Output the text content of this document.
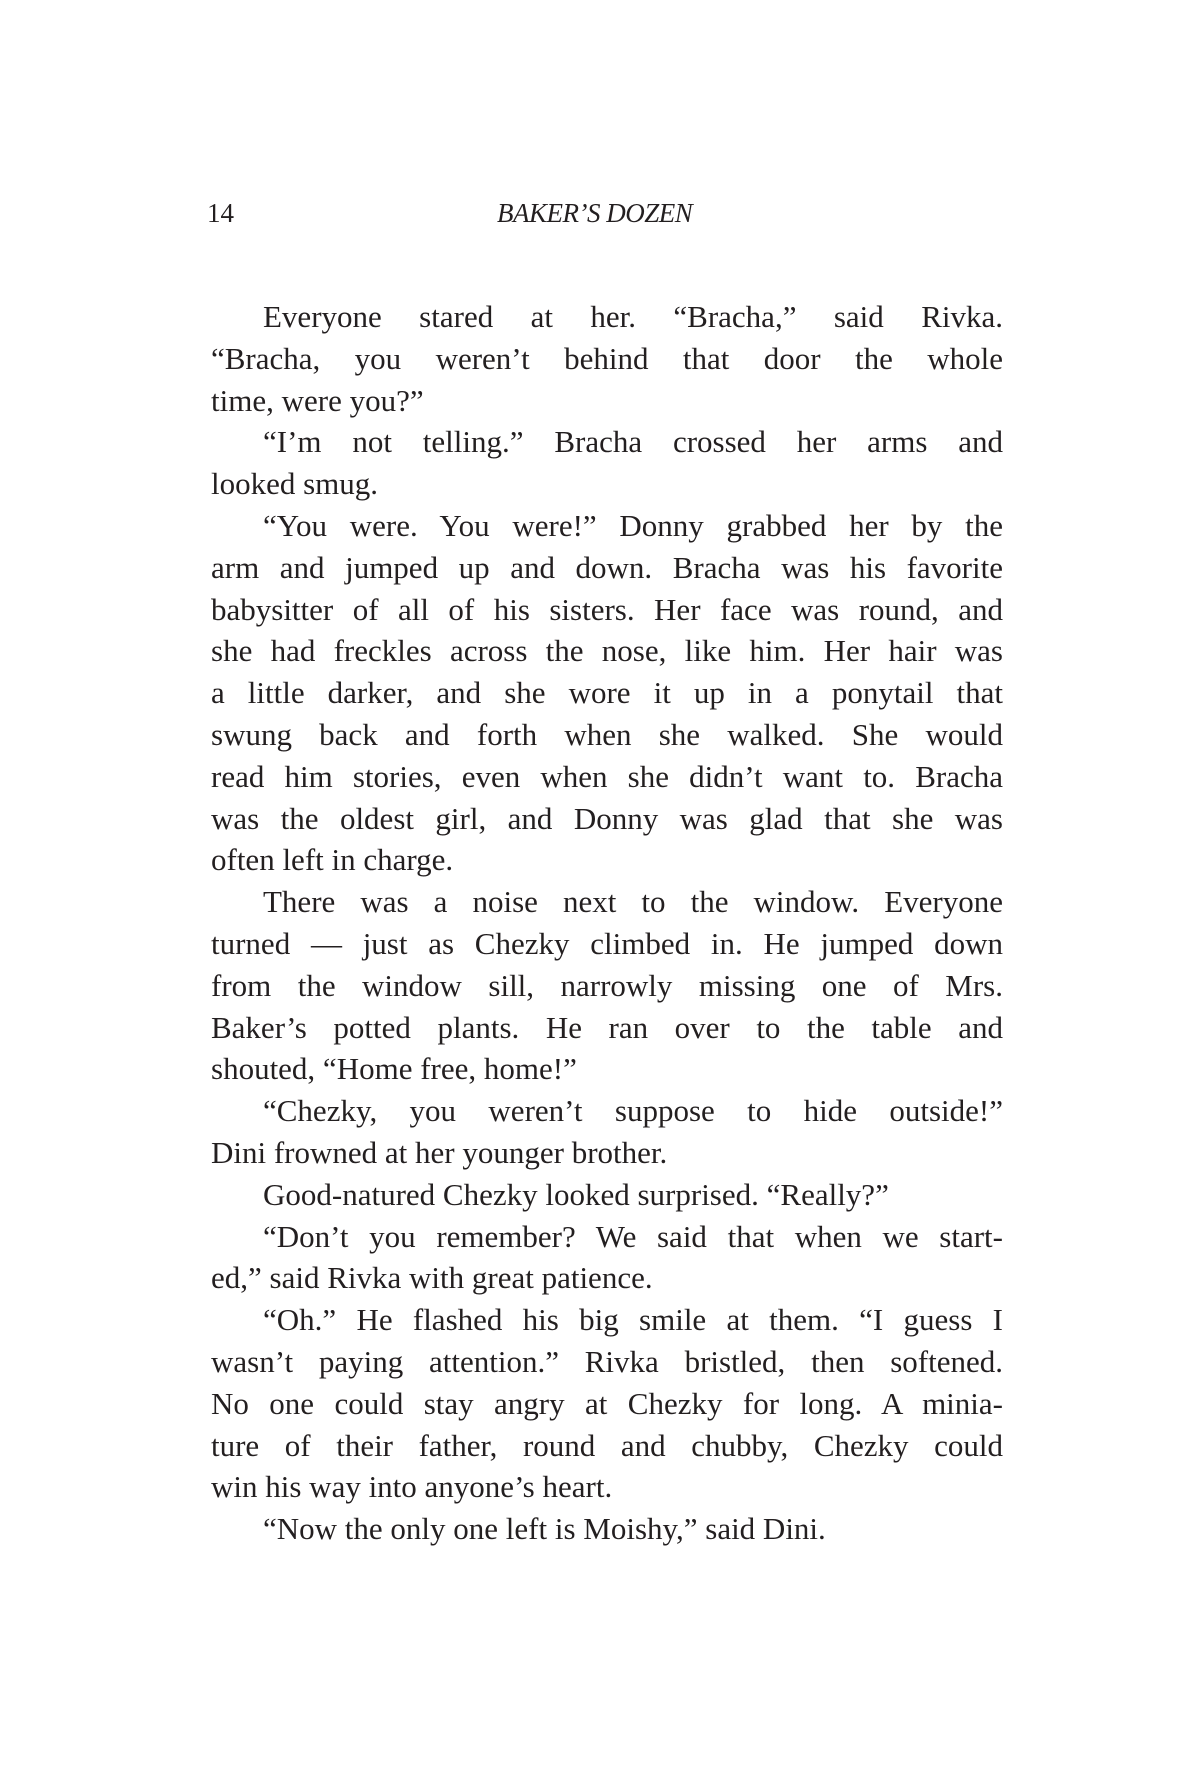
14	BAKER’S DOZEN
Everyone stared at her. “Bracha,” said Rivka.
“Bracha, you weren’t behind that door the whole
time, were you?”
“I’m not telling.” Bracha crossed her arms and
looked smug.
“You were. You were!” Donny grabbed her by the
arm and jumped up and down. Bracha was his favorite
babysitter of all of his sisters. Her face was round, and
she had freckles across the nose, like him. Her hair was
a little darker, and she wore it up in a ponytail that
swung back and forth when she walked. She would
read him stories, even when she didn’t want to. Bracha
was the oldest girl, and Donny was glad that she was
often left in charge.
There was a noise next to the window. Everyone
turned — just as Chezky climbed in. He jumped down
from the window sill, narrowly missing one of Mrs.
Baker’s potted plants. He ran over to the table and
shouted, “Home free, home!”
“Chezky, you weren’t suppose to hide outside!”
Dini frowned at her younger brother.
Good-natured Chezky looked surprised. “Really?”
“Don’t you remember? We said that when we start-
ed,” said Rivka with great patience.
“Oh.” He flashed his big smile at them. “I guess I
wasn’t paying attention.” Rivka bristled, then softened.
No one could stay angry at Chezky for long. A minia-
ture of their father, round and chubby, Chezky could
win his way into anyone’s heart.
“Now the only one left is Moishy,” said Dini.
